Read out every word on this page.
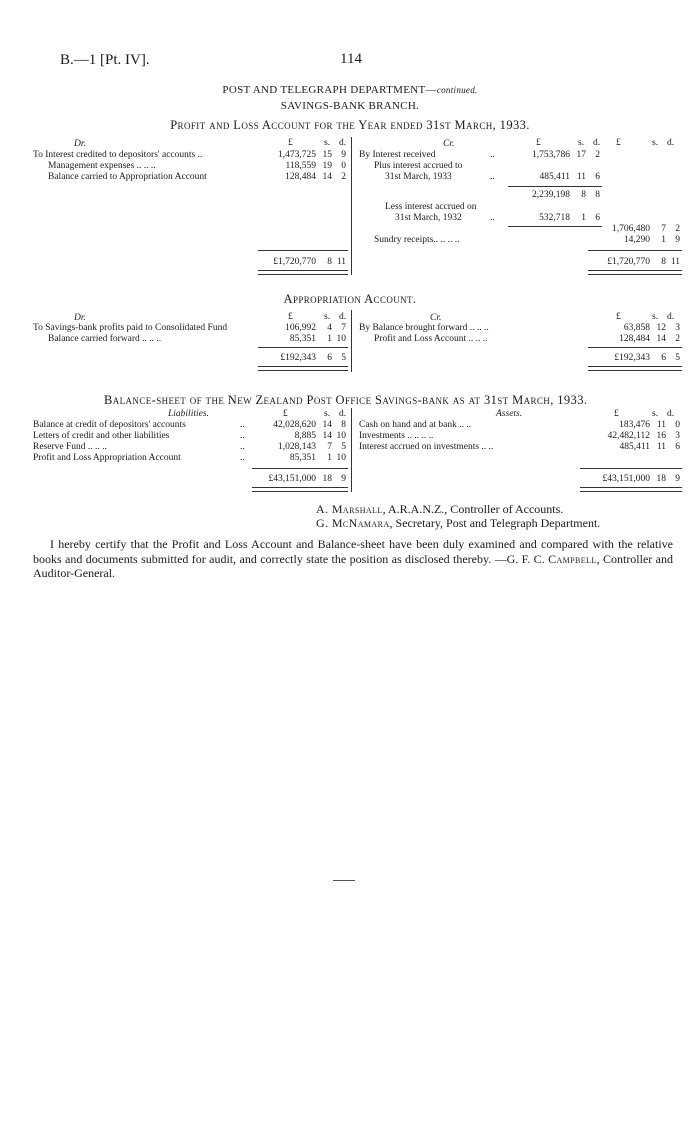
B.—1 [Pt. IV].	114
POST AND TELEGRAPH DEPARTMENT—continued.
SAVINGS-BANK BRANCH.
Profit and Loss Account for the Year ended 31st March, 1933.
Dr.	£	s. d.
To Interest credited to depositors' accounts ..	1,473,725 15 9
Management expenses .. .. ..	118,559 19 0
Balance carried to Appropriation Account	128,484 14 2
£1,720,770	8 11
Cr.	£	s. d. £	s. d.
By Interest received	..	1,753,786 17 2
Plus interest accrued to
31st March, 1933	..	485,411 11 6
2,239,198	8 8
Less interest accrued on
31st March, 1932	..	532,718	1 6
1,706,480	7 2
Sundry receipts.. .. .. ..	14,290	1 9
£1,720,770	8 11
Appropriation Account.
Dr.	£	s. d.
To Savings-bank profits paid to Consolidated Fund	106,992	4 7
Balance carried forward .. .. ..	85,351	1 10
£192,343	6 5
Cr.	£	s. d.
By Balance brought forward .. .. ..	63,858 12 3
Profit and Loss Account .. .. ..	128,484 14 2
£192,343	6 5
Balance-sheet of the New Zealand Post Office Savings-bank as at 31st March, 1933.
Liabilities.	£	s. d.
Balance at credit of depositors' accounts	..	42,028,620 14 8
Letters of credit and other liabilities	..	8,885 14 10
Reserve Fund .. .. ..	..	1,028,143	7 5
Profit and Loss Appropriation Account	..	85,351	1 10
£43,151,000 18 9
Assets.	£	s. d.
Cash on hand and at bank .. ..	183,476 11 0
Investments .. .. .. ..	42,482,112 16 3
Interest accrued on investments .. ..	485,411 11 6
£43,151,000 18 9
A. Marshall, A.R.A.N.Z., Controller of Accounts.
G. McNamara, Secretary, Post and Telegraph Department.
I hereby certify that the Profit and Loss Account and Balance-sheet have been duly examined and compared with the relative books and documents submitted for audit, and correctly state the position as disclosed thereby. —G. F. C. Campbell, Controller and Auditor-General.
